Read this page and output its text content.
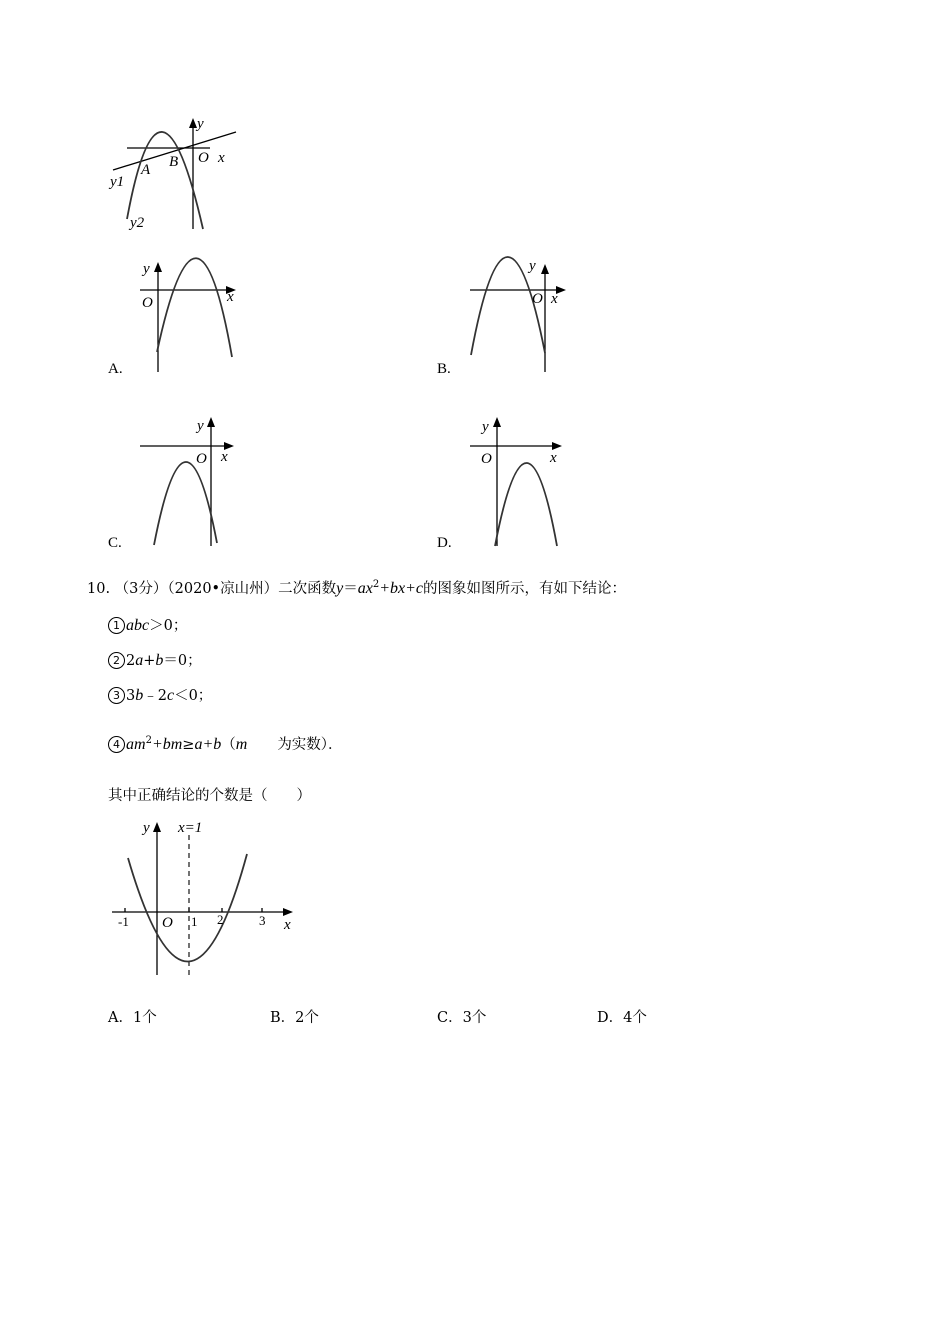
y
O x
A B
y1
y2
y
x
O
A.
y
x
O
B.
y
x
O
C.
y
x
O
D.
10. （3分）（2020•凉山州）二次函数$y=ax^2+bx+c$的图象如图所示，有如下结论：
1 abc＞0；
2 2a+b＝0；
3 3b﹣2c＜0；
4 $am^2+bm\ge a+b(m$ 为实数）．
其中正确结论的个数是（　　）
y
x
O
x=1
-1	1 2	3
A．1个	B．2个	C．3个	D．4个
